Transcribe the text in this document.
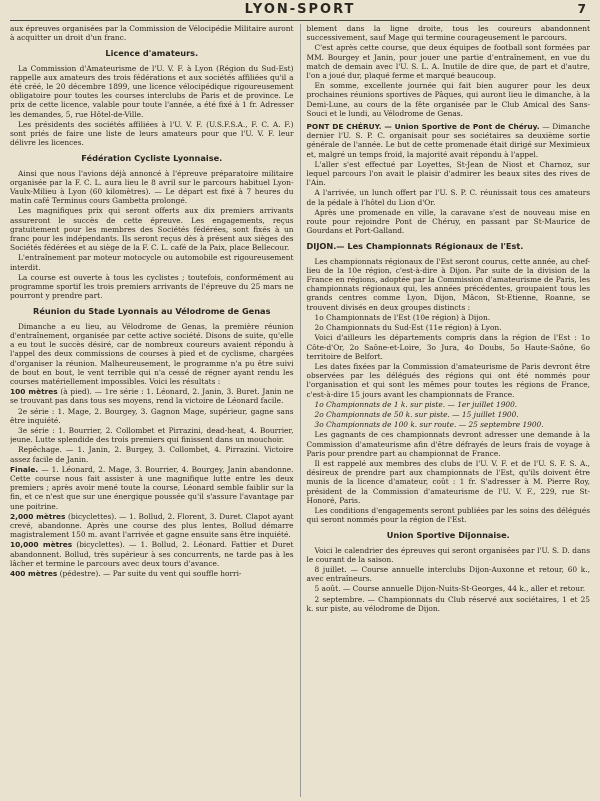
LYON-SPORT	7

aux épreuves organisées par la Commission de Vélocipédie Militaire auront à acquitter un droit d'un franc.

Licence d'amateurs.

La Commission d'Amateurisme de l'U. V. F. à Lyon (Région du Sud-Est) rappelle aux amateurs des trois fédérations et aux sociétés affiliées qu'il a été créé, le 20 décembre 1899, une licence vélocipédique rigoureusement obligatoire pour toutes les courses interclubs de Paris et de province. Le prix de cette licence, valable pour toute l'année, a été fixé à 1 fr. Adresser les demandes, 5, rue Hôtel-de-Ville.

Les présidents des sociétés affiliées à l'U. V. F. (U.S.F.S.A., F. C. A. F.) sont priés de faire une liste de leurs amateurs pour que l'U. V. F. leur délivre les licences.

Fédération Cycliste Lyonnaise.

Ainsi que nous l'avions déjà annoncé à l'épreuve préparatoire militaire organisée par la F. C. L. aura lieu le 8 avril sur le parcours habituel Lyon-Vaulx-Milieu à Lyon (60 kilomètres). — Le départ est fixé à 7 heures du matin café Terminus cours Gambetta prolongé.

Les magnifiques prix qui seront offerts aux dix premiers arrivants assureront le succès de cette épreuve. Les engagements, reçus gratuitement pour les membres des Sociétés fédérées, sont fixés à un franc pour les indépendants. Ils seront reçus dès à présent aux sièges des Sociétés fédérées et au siège de la F. C. L. café de la Paix, place Bellecour.

L'entraînement par moteur motocycle ou automobile est rigoureusement interdit.

La course est ouverte à tous les cyclistes ; toutefois, conformément au programme sportif les trois premiers arrivants de l'épreuve du 25 mars ne pourront y prendre part.

Réunion du Stade Lyonnais au Vélodrome de Genas

Dimanche a eu lieu, au Vélodrome de Genas, la première réunion d'entraînement, organisée par cette active société. Disons de suite, qu'elle a eu tout le succès désiré, car de nombreux coureurs avaient répondu à l'appel des deux commissions de courses à pied et de cyclisme, chargées d'organiser la réunion. Malheureusement, le programme n'a pu être suivi de bout en bout, le vent terrible qui n'a cessé de régner ayant rendu les courses matériellement impossibles. Voici les résultats :

100 mètres (à pied). — 1re série : 1. Léonard, 2. Janin, 3. Buret. Janin ne se trouvant pas dans tous ses moyens, rend la victoire de Léonard facile.

2e série : 1. Mage, 2. Bourgey, 3. Gagnon Mage, supérieur, gagne sans être inquiété.

3e série : 1. Bourrier, 2. Collombet et Pirrazini, dead-heat, 4. Bourrier, jeune. Lutte splendide des trois premiers qui finissent dans un mouchoir.

Repêchage. — 1. Janin, 2. Burgey, 3. Collombet, 4. Pirrazini. Victoire assez facile de Janin.

Finale. — 1. Léonard, 2. Mage, 3. Bourrier, 4. Bourgey, Janin abandonne. Cette course nous fait assister à une magnifique lutte entre les deux premiers ; après avoir mené toute la course, Léonard semble faiblir sur la fin, et ce n'est que sur une énergique poussée qu'il s'assure l'avantage par une poitrine.

2,000 mètres (bicyclettes). — 1. Bollud, 2. Florent, 3. Duret. Clapot ayant crevé, abandonne. Après une course des plus lentes, Bollud démarre magistralement 150 m. avant l'arrivée et gagne ensuite sans être inquiété.

10,000 mètres (bicyclettes). — 1. Bollud, 2. Léonard. Fattier et Duret abandonnent. Bollud, très supérieur à ses concurrents, ne tarde pas à les lâcher et termine le parcours avec deux tours d'avance.

400 mètres (pédestre). — Par suite du vent qui souffle horri-

blement dans la ligne droite, tous les coureurs abandonnent successivement, sauf Mage qui termine courageusement le parcours.

C'est après cette course, que deux équipes de football sont formées par MM. Bourgey et Janin, pour jouer une partie d'entraînement, en vue du match de demain avec l'U. S. L. A. Inutile de dire que, de part et d'autre, l'on a joué dur, plaqué ferme et marqué beaucoup.

En somme, excellente journée qui fait bien augurer pour les deux prochaines réunions sportives de Pâques, qui auront lieu le dimanche, à la Demi-Lune, au cours de la fête organisée par le Club Amical des Sans-Souci et le lundi, au Vélodrome de Genas.

PONT DE CHÉRUY. — Union Sportive de Pont de Chéruy. — Dimanche dernier l'U. S. P. C. organisait pour ses sociétaires sa deuxième sortie générale de l'année. Le but de cette promenade était dirigé sur Meximieux et, malgré un temps froid, la majorité avait répondu à l'appel.

L'aller s'est effectué par Loyettes, St-Jean de Niost et Charnoz, sur lequel parcours l'on avait le plaisir d'admirer les beaux sites des rives de l'Ain.

A l'arrivée, un lunch offert par l'U. S. P. C. réunissait tous ces amateurs de la pédale à l'hôtel du Lion d'Or.

Après une promenade en ville, la caravane s'est de nouveau mise en route pour rejoindre Pont de Chéruy, en passant par St-Maurice de Gourdans et Port-Galland.

DIJON.— Les Championnats Régionaux de l'Est.

Les championnats régionaux de l'Est seront courus, cette année, au chef-lieu de la 10e région, c'est-à-dire à Dijon. Par suite de la division de la France en régions, adoptée par la Commission d'amateurisme de Paris, les championnats régionaux qui, les années précédentes, groupaient tous les grands centres comme Lyon, Dijon, Mâcon, St-Etienne, Roanne, se trouvent divisés en deux groupes distincts :

1o Championnats de l'Est (10e région) à Dijon.

2o Championnats du Sud-Est (11e région) à Lyon.

Voici d'ailleurs les départements compris dans la région de l'Est : 1o Côte-d'Or, 2o Saône-et-Loire, 3o Jura, 4o Doubs, 5o Haute-Saône, 6o territoire de Belfort.

Les dates fixées par la Commission d'amateurisme de Paris devront être observées par les délégués des régions qui ont été nommés pour l'organisation et qui sont les mêmes pour toutes les régions de France, c'est-à-dire 15 jours avant les championnats de France.

1o Championnats de 1 k. sur piste. — 1er juillet 1900.

2o Championnats de 50 k. sur piste. — 15 juillet 1900.

3o Championnats de 100 k. sur route. — 25 septembre 1900.

Les gagnants de ces championnats devront adresser une demande à la Commission d'amateurisme afin d'être défrayés de leurs frais de voyage à Paris pour prendre part au championnat de France.

Il est rappelé aux membres des clubs de l'U. V. F. et de l'U. S. F. S. A., désireux de prendre part aux championnats de l'Est, qu'ils doivent être munis de la licence d'amateur, coût : 1 fr. S'adresser à M. Pierre Roy, président de la Commission d'amateurisme de l'U. V. F., 229, rue St-Honoré, Paris.

Les conditions d'engagements seront publiées par les soins des délégués qui seront nommés pour la région de l'Est.

Union Sportive Dijonnaise.

Voici le calendrier des épreuves qui seront organisées par l'U. S. D. dans le courant de la saison.

8 juillet. — Course annuelle interclubs Dijon-Auxonne et retour, 60 k., avec entraîneurs.

5 août. — Course annuelle Dijon-Nuits-St-Georges, 44 k., aller et retour.

2 septembre. — Championnats du Club réservé aux sociétaires, 1 et 25 k. sur piste, au vélodrome de Dijon.
